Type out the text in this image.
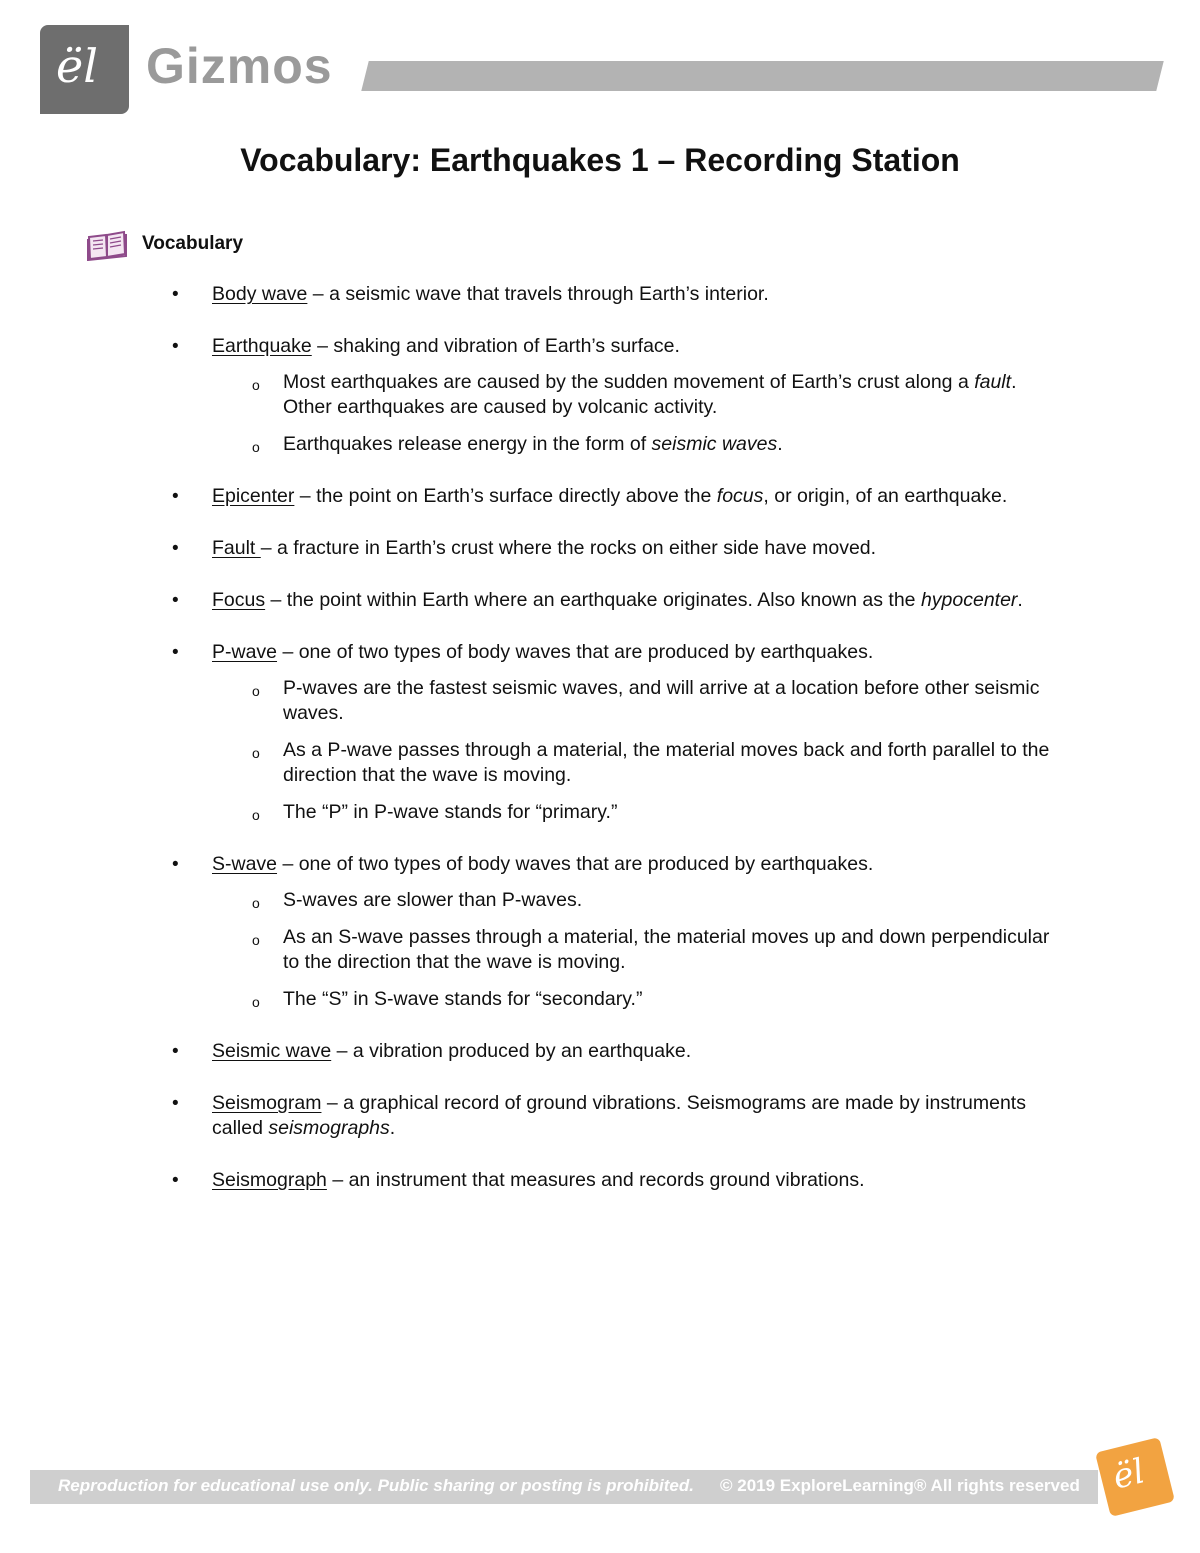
ël Gizmos
Vocabulary: Earthquakes 1 – Recording Station
Vocabulary
• Body wave – a seismic wave that travels through Earth’s interior.
• Earthquake – shaking and vibration of Earth’s surface.
o Most earthquakes are caused by the sudden movement of Earth’s crust along a fault. Other earthquakes are caused by volcanic activity.
o Earthquakes release energy in the form of seismic waves.
• Epicenter – the point on Earth’s surface directly above the focus, or origin, of an earthquake.
• Fault – a fracture in Earth’s crust where the rocks on either side have moved.
• Focus – the point within Earth where an earthquake originates. Also known as the hypocenter.
• P-wave – one of two types of body waves that are produced by earthquakes.
o P-waves are the fastest seismic waves, and will arrive at a location before other seismic waves.
o As a P-wave passes through a material, the material moves back and forth parallel to the direction that the wave is moving.
o The “P” in P-wave stands for “primary.”
• S-wave – one of two types of body waves that are produced by earthquakes.
o S-waves are slower than P-waves.
o As an S-wave passes through a material, the material moves up and down perpendicular to the direction that the wave is moving.
o The “S” in S-wave stands for “secondary.”
• Seismic wave – a vibration produced by an earthquake.
• Seismogram – a graphical record of ground vibrations. Seismograms are made by instruments called seismographs.
• Seismograph – an instrument that measures and records ground vibrations.
Reproduction for educational use only. Public sharing or posting is prohibited. © 2019 ExploreLearning® All rights reserved ël
